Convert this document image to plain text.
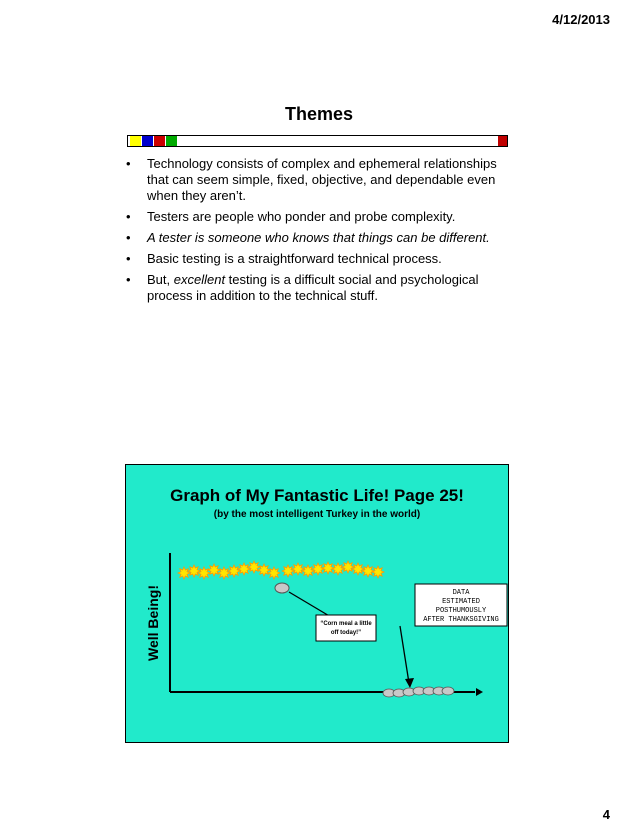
4/12/2013
Themes
• Technology consists of complex and ephemeral relationships that can seem simple, fixed, objective, and dependable even when they aren’t.
• Testers are people who ponder and probe complexity.
• A tester is someone who knows that things can be different.
• Basic testing is a straightforward technical process.
• But, excellent testing is a difficult social and psychological process in addition to the technical stuff.
Graph of My Fantastic Life! Page 25!
(by the most intelligent Turkey in the world)
Well Being!	“Corn meal a little off today!”
DATA
ESTIMATED
POSTHUMOUSLY
AFTER THANKSGIVING
4
